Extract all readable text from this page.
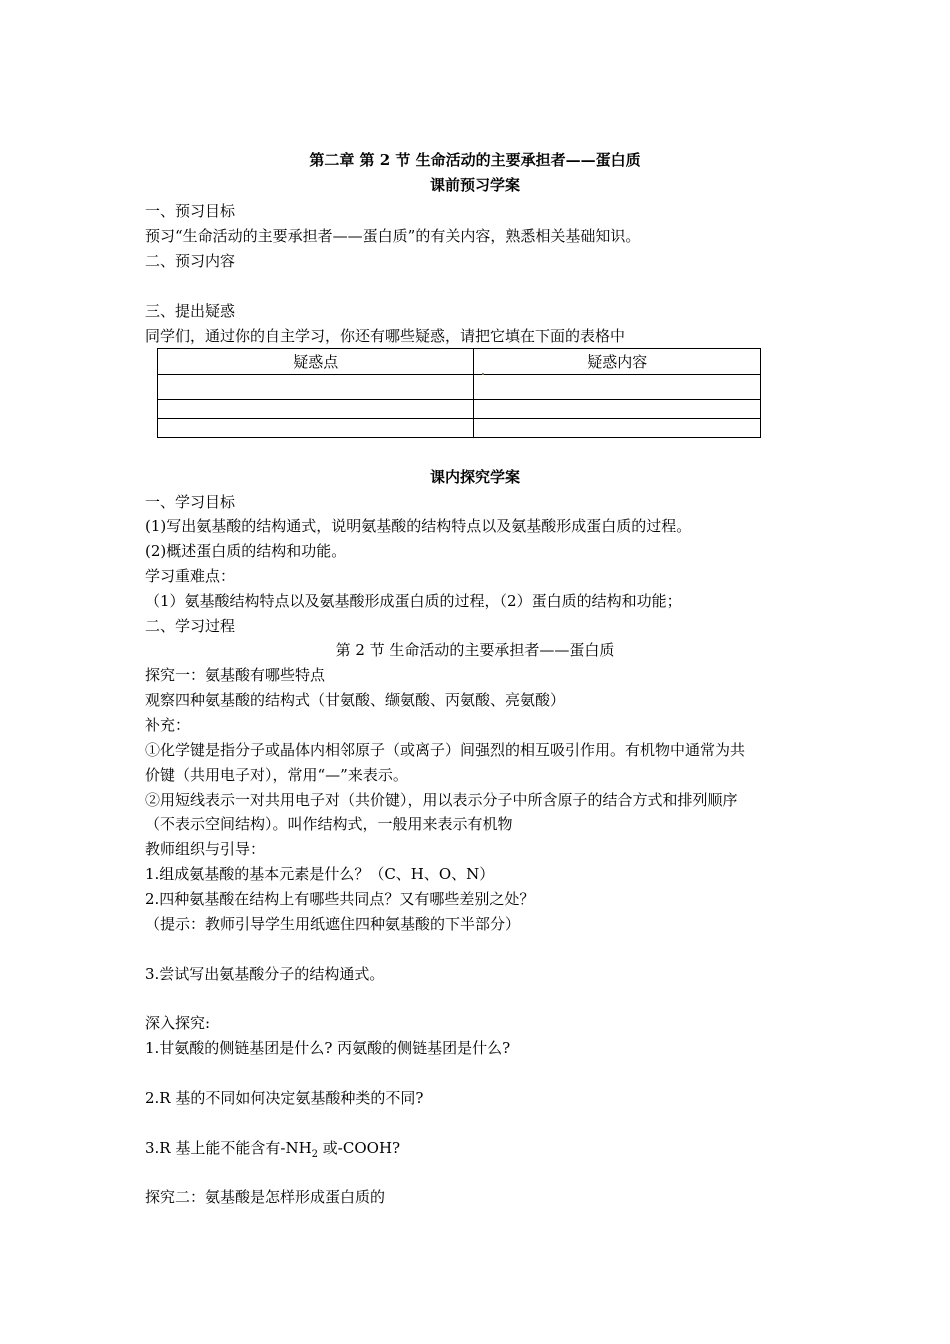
第二章 第 2 节 生命活动的主要承担者——蛋白质
课前预习学案
一、预习目标
预习“生命活动的主要承担者——蛋白质”的有关内容，熟悉相关基础知识。
二、预习内容
三、提出疑惑
同学们，通过你的自主学习，你还有哪些疑惑，请把它填在下面的表格中
疑惑点	疑惑内容

课内探究学案
一、学习目标
(1)写出氨基酸的结构通式，说明氨基酸的结构特点以及氨基酸形成蛋白质的过程。
(2)概述蛋白质的结构和功能。
学习重难点：
（1）氨基酸结构特点以及氨基酸形成蛋白质的过程，（2）蛋白质的结构和功能；
二、学习过程
第 2 节 生命活动的主要承担者——蛋白质
探究一：氨基酸有哪些特点
观察四种氨基酸的结构式（甘氨酸、缬氨酸、丙氨酸、亮氨酸）
补充：
①化学键是指分子或晶体内相邻原子（或离子）间强烈的相互吸引作用。有机物中通常为共
价键（共用电子对），常用“—”来表示。
②用短线表示一对共用电子对（共价键），用以表示分子中所含原子的结合方式和排列顺序
（不表示空间结构）。叫作结构式，一般用来表示有机物
教师组织与引导：
1.组成氨基酸的基本元素是什么？（C、H、O、N）
2.四种氨基酸在结构上有哪些共同点？又有哪些差别之处？
（提示：教师引导学生用纸遮住四种氨基酸的下半部分）
3.尝试写出氨基酸分子的结构通式。
深入探究:
1.甘氨酸的侧链基团是什么? 丙氨酸的侧链基团是什么?
2.R 基的不同如何决定氨基酸种类的不同?
3.R 基上能不能含有$-NH_2$ 或-COOH?
探究二：氨基酸是怎样形成蛋白质的
